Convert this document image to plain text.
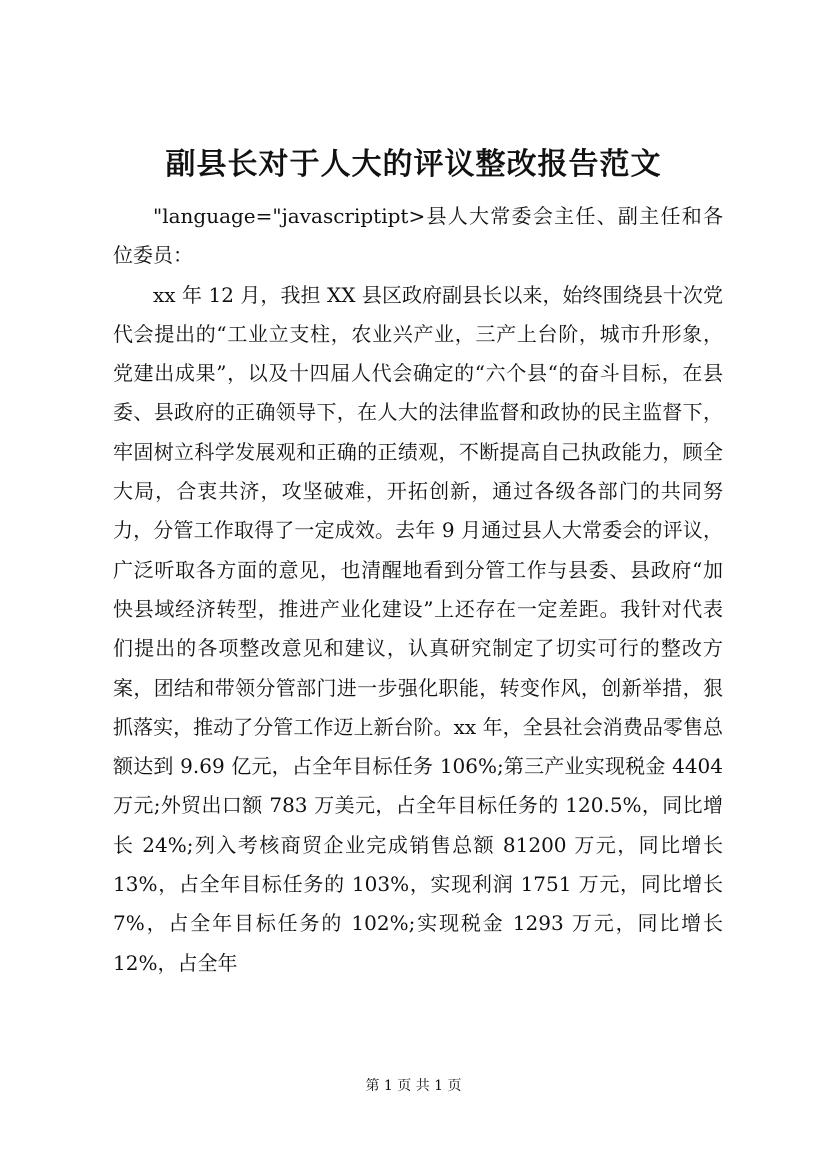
副县长对于人大的评议整改报告范文

"language="javascriptipt>县人大常委会主任、副主任和各位委员：

xx 年 12 月，我担 XX 县区政府副县长以来，始终围绕县十次党代会提出的“工业立支柱，农业兴产业，三产上台阶，城市升形象，党建出成果”，以及十四届人代会确定的“六个县“的奋斗目标，在县委、县政府的正确领导下，在人大的法律监督和政协的民主监督下，牢固树立科学发展观和正确的正绩观，不断提高自己执政能力，顾全大局，合衷共济，攻坚破难，开拓创新，通过各级各部门的共同努力，分管工作取得了一定成效。去年 9 月通过县人大常委会的评议，广泛听取各方面的意见，也清醒地看到分管工作与县委、县政府“加快县域经济转型，推进产业化建设”上还存在一定差距。我针对代表们提出的各项整改意见和建议，认真研究制定了切实可行的整改方案，团结和带领分管部门进一步强化职能，转变作风，创新举措，狠抓落实，推动了分管工作迈上新台阶。xx 年，全县社会消费品零售总额达到 9.69 亿元，占全年目标任务 106%;第三产业实现税金 4404 万元;外贸出口额 783 万美元，占全年目标任务的 120.5%，同比增长 24%;列入考核商贸企业完成销售总额 81200 万元，同比增长 13%，占全年目标任务的 103%，实现利润 1751 万元，同比增长 7%，占全年目标任务的 102%;实现税金 1293 万元，同比增长 12%，占全年

第 1 页 共 1 页
